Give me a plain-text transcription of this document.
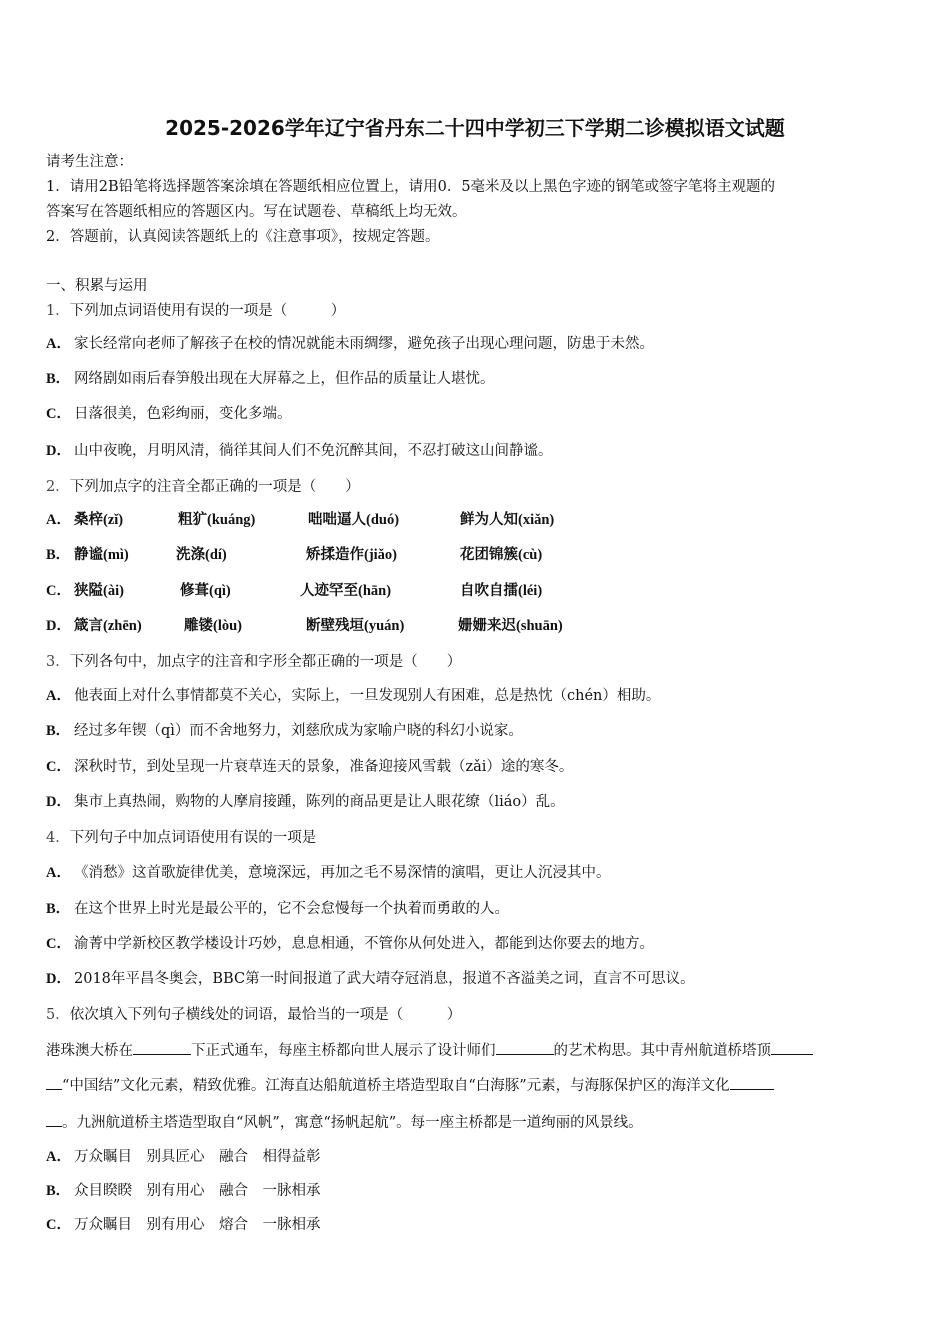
2025-2026学年辽宁省丹东二十四中学初三下学期二诊模拟语文试题
请考生注意：
1．请用2B铅笔将选择题答案涂填在答题纸相应位置上，请用0．5毫米及以上黑色字迹的钢笔或签字笔将主观题的
答案写在答题纸相应的答题区内。写在试题卷、草稿纸上均无效。
2．答题前，认真阅读答题纸上的《注意事项》，按规定答题。
一、积累与运用
1．下列加点词语使用有误的一项是（　　　）
A． 家长经常向老师了解孩子在校的情况就能未雨绸缪，避免孩子出现心理问题，防患于未然。
B． 网络剧如雨后春笋般出现在大屏幕之上，但作品的质量让人堪忧。
C． 日落很美，色彩绚丽，变化多端。
D． 山中夜晚，月明风清，徜徉其间人们不免沉醉其间，不忍打破这山间静谧。
2．下列加点字的注音全都正确的一项是（　　）
A． 桑梓(zǐ)	粗犷(kuáng)	咄咄逼人(duó)	鲜为人知(xiǎn)
B． 静谧(mì)	洗涤(dí)	矫揉造作(jiǎo)	花团锦簇(cù)
C． 狭隘(ài)	修葺(qì)	人迹罕至(hān)	自吹自擂(léi)
D． 箴言(zhēn)	雕镂(lòu)	断壁残垣(yuán)	姗姗来迟(shuān)
3．下列各句中，加点字的注音和字形全都正确的一项是（　　）
A． 他表面上对什么事情都莫不关心，实际上，一旦发现别人有困难，总是热忱（chén）相助。
B． 经过多年锲（qì）而不舍地努力，刘慈欣成为家喻户晓的科幻小说家。
C． 深秋时节，到处呈现一片衰草连天的景象，准备迎接风雪载（zǎi）途的寒冬。
D． 集市上真热闹，购物的人摩肩接踵，陈列的商品更是让人眼花缭（liáo）乱。
4．下列句子中加点词语使用有误的一项是
A． 《消愁》这首歌旋律优美，意境深远，再加之毛不易深情的演唱，更让人沉浸其中。
B． 在这个世界上时光是最公平的，它不会怠慢每一个执着而勇敢的人。
C． 渝菁中学新校区教学楼设计巧妙，息息相通，不管你从何处进入，都能到达你要去的地方。
D． 2018年平昌冬奥会，BBC第一时间报道了武大靖夺冠消息，报道不吝溢美之词，直言不可思议。
5．依次填入下列句子横线处的词语，最恰当的一项是（　　　）
港珠澳大桥在	下正式通车，每座主桥都向世人展示了设计师们	的艺术构思。其中青州航道桥塔顶
“中国结”文化元素，精致优雅。江海直达船航道桥主塔造型取自“白海豚”元素，与海豚保护区的海洋文化
。九洲航道桥主塔造型取自“风帆”，寓意“扬帆起航”。每一座主桥都是一道绚丽的风景线。
A． 万众瞩目　别具匠心　融合　相得益彰
B． 众目睽睽　别有用心　融合　一脉相承
C． 万众瞩目　别有用心　熔合　一脉相承
